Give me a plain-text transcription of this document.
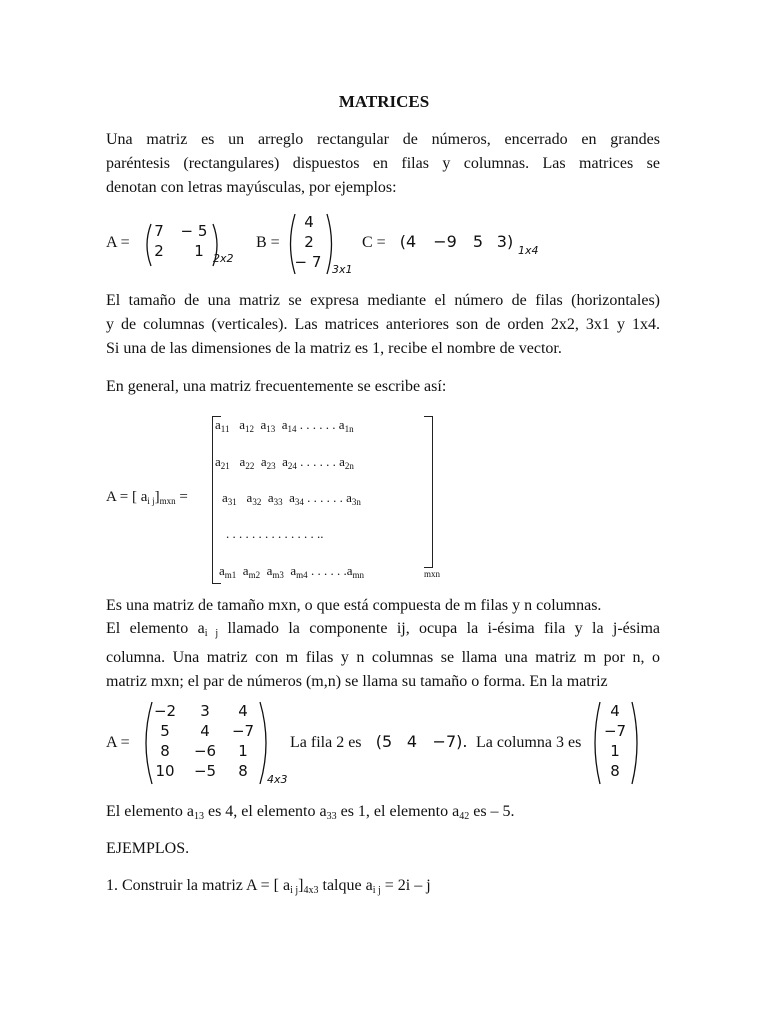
MATRICES
Una matriz es un arreglo rectangular de números, encerrado en grandes
paréntesis (rectangulares) dispuestos en filas y columnas. Las matrices se
denotan con letras mayúsculas, por ejemplos:
A =
7	− 5
2	1 2x2
B =
4
2
− 7 3x1
C = (4	−9	5 3) 1x4
El tamaño de una matriz se expresa mediante el número de filas (horizontales)
y de columnas (verticales). Las matrices anteriores son de orden 2x2, 3x1 y 1x4.
Si una de las dimensiones de la matriz es 1, recibe el nombre de vector.
En general, una matriz frecuentemente se escribe así:
A = [ $a_{i j}]_{mxn}$ =
mxn
$a_{11}$ $a_{12}$ $a_{13}$ $a_{14}$ . . . . . . $a_{1n}$
$a_{21}$ $a_{22}$ $a_{23}$ $a_{24}$ . . . . . . $a_{2n}$
$a_{31}$ $a_{32}$ $a_{33}$ $a_{34}$ . . . . . . $a_{3n}$
. . . . . . . . . . . . . . ..
$a_{m1}$ $a_{m2}$ $a_{m3}$ $a_{m4}$ . . . . . $.a_{mn}$
Es una matriz de tamaño mxn, o que está compuesta de m filas y n columnas.
El elemento $a_{i j}$ llamado la componente ij, ocupa la i-ésima fila y la j-ésima
columna. Una matriz con m filas y n columnas se llama una matriz m por n, o
matriz mxn; el par de números (m,n) se llama su tamaño o forma. En la matriz
A =
−2	3	4
5	4	−7
8	−6	1
10	−5	8	4x3
La fila 2 es (5 4 −7). La columna 3 es
4
−7
1
8
El elemento $a_{13}$ es 4, el elemento $a_{33}$ es 1, el elemento $a_{42}$ es – 5.
EJEMPLOS.
1. Construir la matriz A = [ $a_{i j}]_{4x3}$ talque $a_{i j} = 2i - j$
